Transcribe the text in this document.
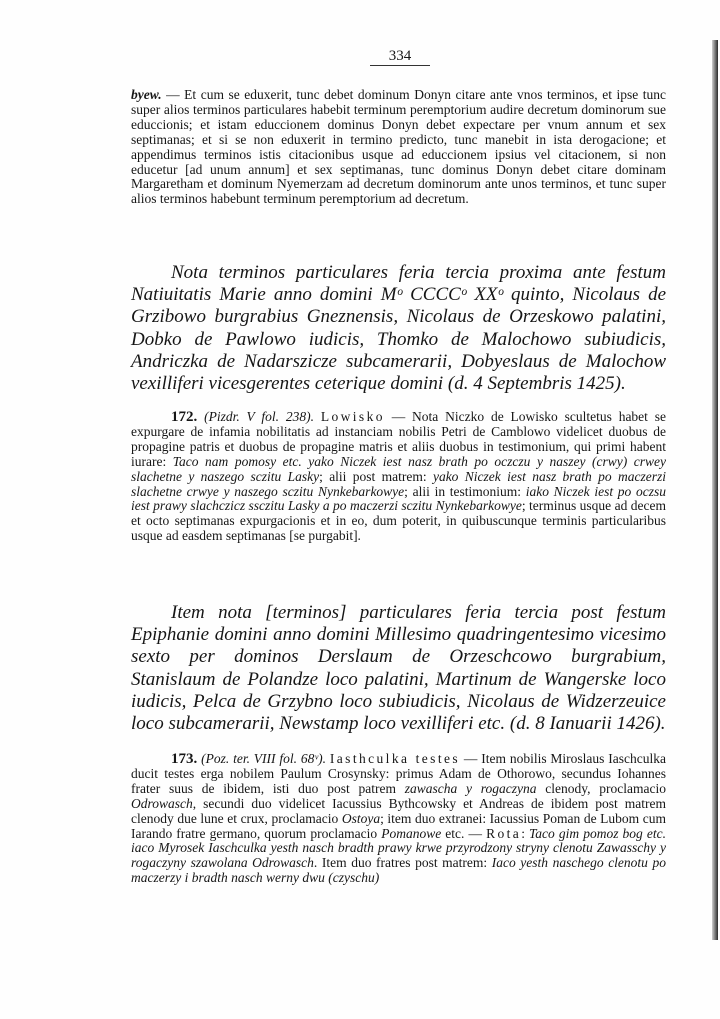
334

byew. — Et cum se eduxerit, tunc debet dominum Donyn citare ante vnos terminos, et ipse tunc super alios terminos particulares habebit terminum peremptorium audire decretum dominorum sue educcionis; et istam educcionem dominus Donyn debet expectare per vnum annum et sex septimanas; et si se non eduxerit in termino predicto, tunc manebit in ista derogacione; et appendimus terminos istis citacionibus usque ad educcionem ipsius vel citacionem, si non educetur [ad unum annum] et sex septimanas, tunc dominus Donyn debet citare dominam Margaretham et dominum Nyemerzam ad decretum dominorum ante unos terminos, et tunc super alios terminos habebunt terminum peremptorium ad decretum.

Nota terminos particulares feria tercia proxima ante festum Natiuitatis Marie anno domini Mᵒ CCCCᵒ XXᵒ quinto, Nicolaus de Grzibowo burgrabius Gneznensis, Nicolaus de Orzeskowo palatini, Dobko de Pawlowo iudicis, Thomko de Malochowo subiudicis, Andriczka de Nadarszicze subcamerarii, Dobyeslaus de Malochow vexilliferi vicesgerentes ceterique domini (d. 4 Septembris 1425).

172. (Pizdr. V fol. 238). Lowisko — Nota Niczko de Lowisko scultetus habet se expurgare de infamia nobilitatis ad instanciam nobilis Petri de Camblowo videlicet duobus de propagine patris et duobus de propagine matris et aliis duobus in testimonium, qui primi habent iurare: Taco nam pomosy etc. yako Niczek iest nasz brath po oczczu y naszey (crwy) crwey slachetne y naszego sczitu Lasky; alii post matrem: yako Niczek iest nasz brath po maczerzi slachetne crwye y naszego sczitu Nynkebarkowye; alii in testimonium: iako Niczek iest po oczsu iest prawy slachczicz ssczitu Lasky a po maczerzi sczitu Nynkebarkowye; terminus usque ad decem et octo septimanas expurgacionis et in eo, dum poterit, in quibuscunque terminis particularibus usque ad easdem septimanas [se purgabit].

Item nota [terminos] particulares feria tercia post festum Epiphanie domini anno domini Millesimo quadringentesimo vicesimo sexto per dominos Derslaum de Orzeschcowo burgrabium, Stanislaum de Polandze loco palatini, Martinum de Wangerske loco iudicis, Pelca de Grzybno loco subiudicis, Nicolaus de Widzerzeuice loco subcamerarii, Newstamp loco vexilliferi etc. (d. 8 Ianuarii 1426).

173. (Poz. ter. VIII fol. 68ᵛ). Iasthculka testes — Item nobilis Miroslaus Iaschculka ducit testes erga nobilem Paulum Crosynsky: primus Adam de Othorowo, secundus Iohannes frater suus de ibidem, isti duo post patrem zawascha y rogaczyna clenody, proclamacio Odrowasch, secundi duo videlicet Iacussius Bythcowsky et Andreas de ibidem post matrem clenody due lune et crux, proclamacio Ostoya; item duo extranei: Iacussius Poman de Lubom cum Iarando fratre germano, quorum proclamacio Pomanowe etc. — Rota: Taco gim pomoz bog etc. iaco Myrosek Iaschculka yesth nasch bradth prawy krwe przyrodzony stryny clenotu Zawasschy y rogaczyny szawolana Odrowasch. Item duo fratres post matrem: Iaco yesth naschego clenotu po maczerzy i bradth nasch werny dwu (czyschu)
